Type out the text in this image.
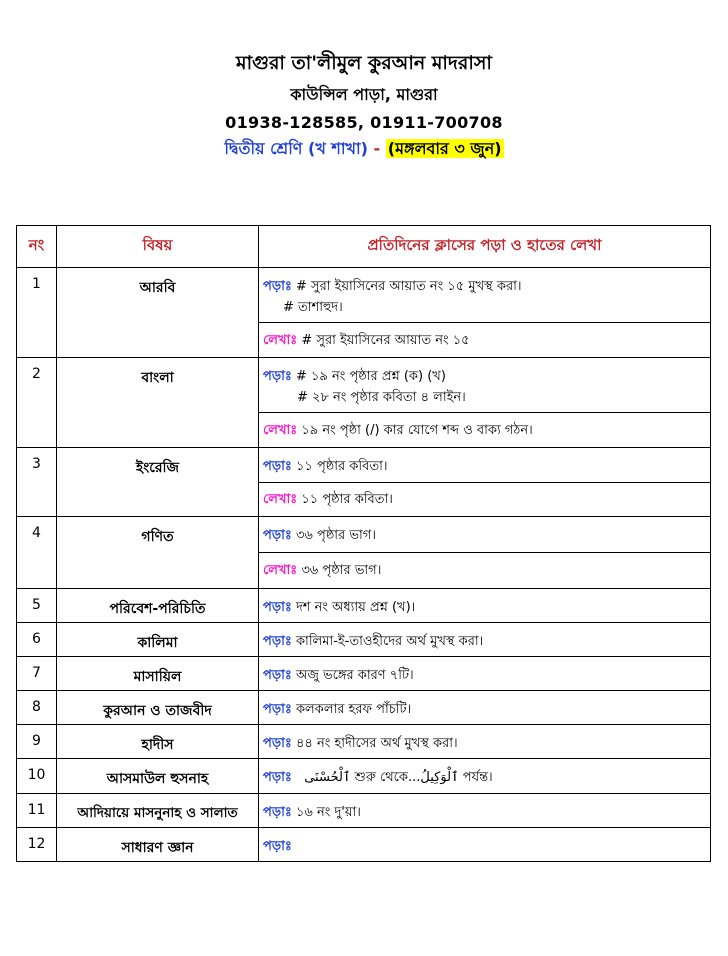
মাগুরা তা'লীমুল কুরআন মাদরাসা
কাউন্সিল পাড়া, মাগুরা
01938-128585, 01911-700708
দ্বিতীয় শ্রেণি (খ শাখা) - (মঙ্গলবার ৩ জুন)
নং	বিষয়	প্রতিদিনের ক্লাসের পড়া ও হাতের লেখা
1	আরবি	পড়াঃ # সুরা ইয়াসিনের আয়াত নং ১৫ মুখস্থ করা।
# তাশাহুদ।

		লেখাঃ # সুরা ইয়াসিনের আয়াত নং ১৫
2	বাংলা	পড়াঃ # ১৯ নং পৃষ্ঠার প্রশ্ন (ক) (খ)
# ২৮ নং পৃষ্ঠার কবিতা ৪ লাইন।

		লেখাঃ ১৯ নং পৃষ্ঠা (/) কার যোগে শব্দ ও বাক্য গঠন।
3	ইংরেজি	পড়াঃ ১১ পৃষ্ঠার কবিতা।
		লেখাঃ ১১ পৃষ্ঠার কবিতা।
4	গণিত	পড়াঃ ৩৬ পৃষ্ঠার ভাগ।
		লেখাঃ ৩৬ পৃষ্ঠার ভাগ।
5	পরিবেশ-পরিচিতি	পড়াঃ দশ নং অধ্যায় প্রশ্ন (খ)।
6	কালিমা	পড়াঃ কালিমা-ই-তাওহীদের অর্থ মুখস্থ করা।
7	মাসায়িল	পড়াঃ অজু ভঙ্গের কারণ ৭টি।
8	কুরআন ও তাজবীদ	পড়াঃ কলকলার হরফ পাঁচটি।
9	হাদীস	পড়াঃ ৪৪ নং হাদীসের অর্থ মুখস্থ করা।
10	আসমাউল হুসনাহ	পড়াঃ ٱلْحُسْنَى শুরু থেকে...ٱلْوَكِيلُ পর্যন্ত।
11	আদিয়ায়ে মাসনুনাহ ও সালাত	পড়াঃ ১৬ নং দু'য়া।
12	সাধারণ জ্ঞান	পড়াঃ
